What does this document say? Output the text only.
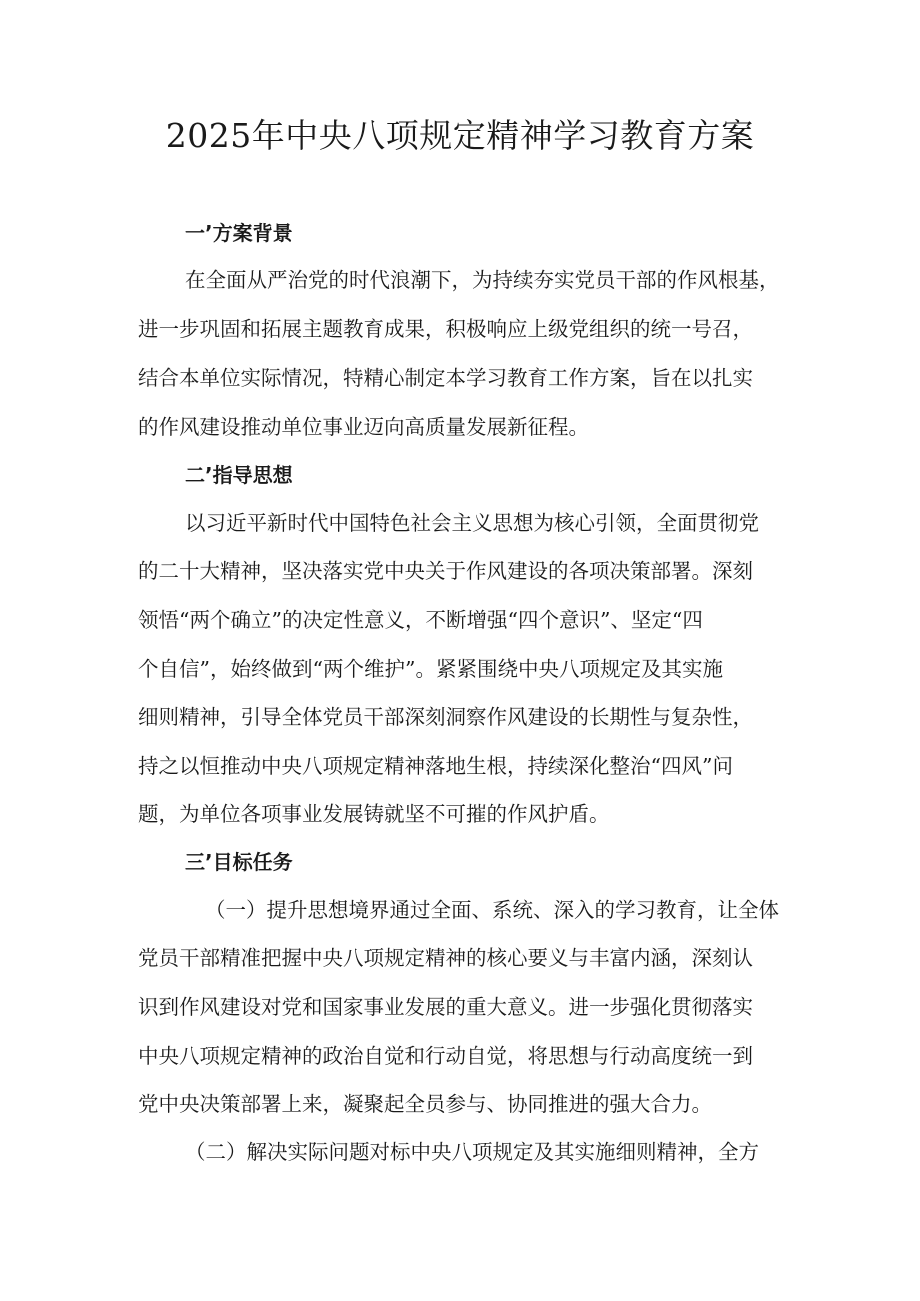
2025年中央八项规定精神学习教育方案
一’方案背景
在全面从严治党的时代浪潮下，为持续夯实党员干部的作风根基，
进一步巩固和拓展主题教育成果，积极响应上级党组织的统一号召，
结合本单位实际情况，特精心制定本学习教育工作方案，旨在以扎实
的作风建设推动单位事业迈向高质量发展新征程。
二’指导思想
以习近平新时代中国特色社会主义思想为核心引领，全面贯彻党
的二十大精神，坚决落实党中央关于作风建设的各项决策部署。深刻
领悟“两个确立”的决定性意义，不断增强“四个意识”、坚定“四
个自信”，始终做到“两个维护”。紧紧围绕中央八项规定及其实施
细则精神，引导全体党员干部深刻洞察作风建设的长期性与复杂性，
持之以恒推动中央八项规定精神落地生根，持续深化整治“四风”问
题，为单位各项事业发展铸就坚不可摧的作风护盾。
三’目标任务
（一）提升思想境界通过全面、系统、深入的学习教育，让全体
党员干部精准把握中央八项规定精神的核心要义与丰富内涵，深刻认
识到作风建设对党和国家事业发展的重大意义。进一步强化贯彻落实
中央八项规定精神的政治自觉和行动自觉，将思想与行动高度统一到
党中央决策部署上来，凝聚起全员参与、协同推进的强大合力。
（二）解决实际问题对标中央八项规定及其实施细则精神，全方
